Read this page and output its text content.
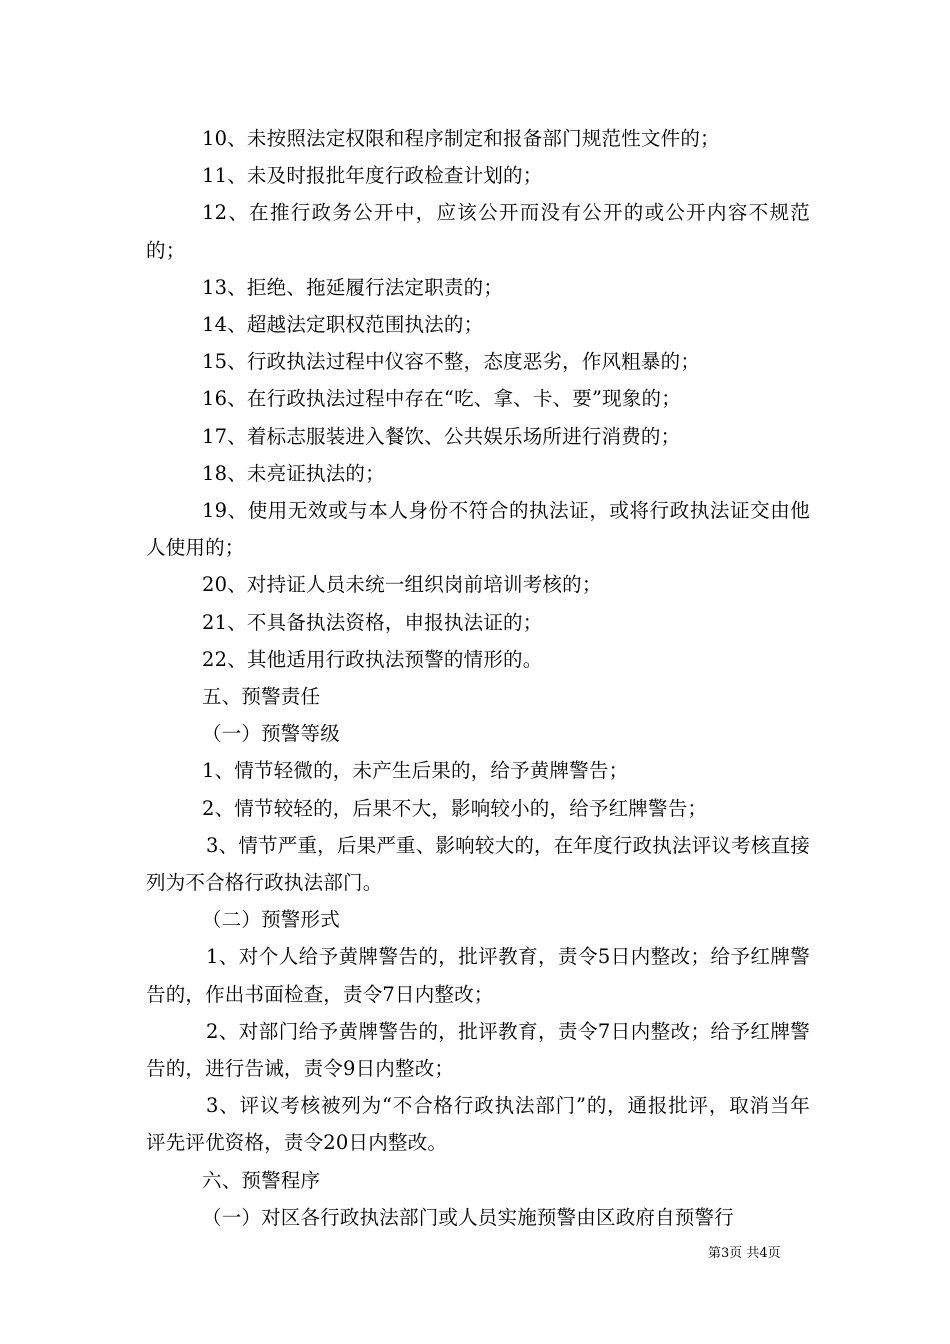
10、未按照法定权限和程序制定和报备部门规范性文件的；

11、未及时报批年度行政检查计划的；

12、在推行政务公开中，应该公开而没有公开的或公开内容不规范的；

13、拒绝、拖延履行法定职责的；

14、超越法定职权范围执法的；

15、行政执法过程中仪容不整，态度恶劣，作风粗暴的；

16、在行政执法过程中存在“吃、拿、卡、要”现象的；

17、着标志服装进入餐饮、公共娱乐场所进行消费的；

18、未亮证执法的；

19、使用无效或与本人身份不符合的执法证，或将行政执法证交由他人使用的；

20、对持证人员未统一组织岗前培训考核的；

21、不具备执法资格，申报执法证的；

22、其他适用行政执法预警的情形的。

五、预警责任

（一）预警等级

1、情节轻微的，未产生后果的，给予黄牌警告；

2、情节较轻的，后果不大，影响较小的，给予红牌警告；

3、情节严重，后果严重、影响较大的，在年度行政执法评议考核直接列为不合格行政执法部门。

（二）预警形式

1、对个人给予黄牌警告的，批评教育，责令5日内整改；给予红牌警告的，作出书面检查，责令7日内整改；

2、对部门给予黄牌警告的，批评教育，责令7日内整改；给予红牌警告的，进行告诫，责令9日内整改；

3、评议考核被列为“不合格行政执法部门”的，通报批评，取消当年评先评优资格，责令20日内整改。

六、预警程序

（一）对区各行政执法部门或人员实施预警由区政府自预警行

第3页 共4页
